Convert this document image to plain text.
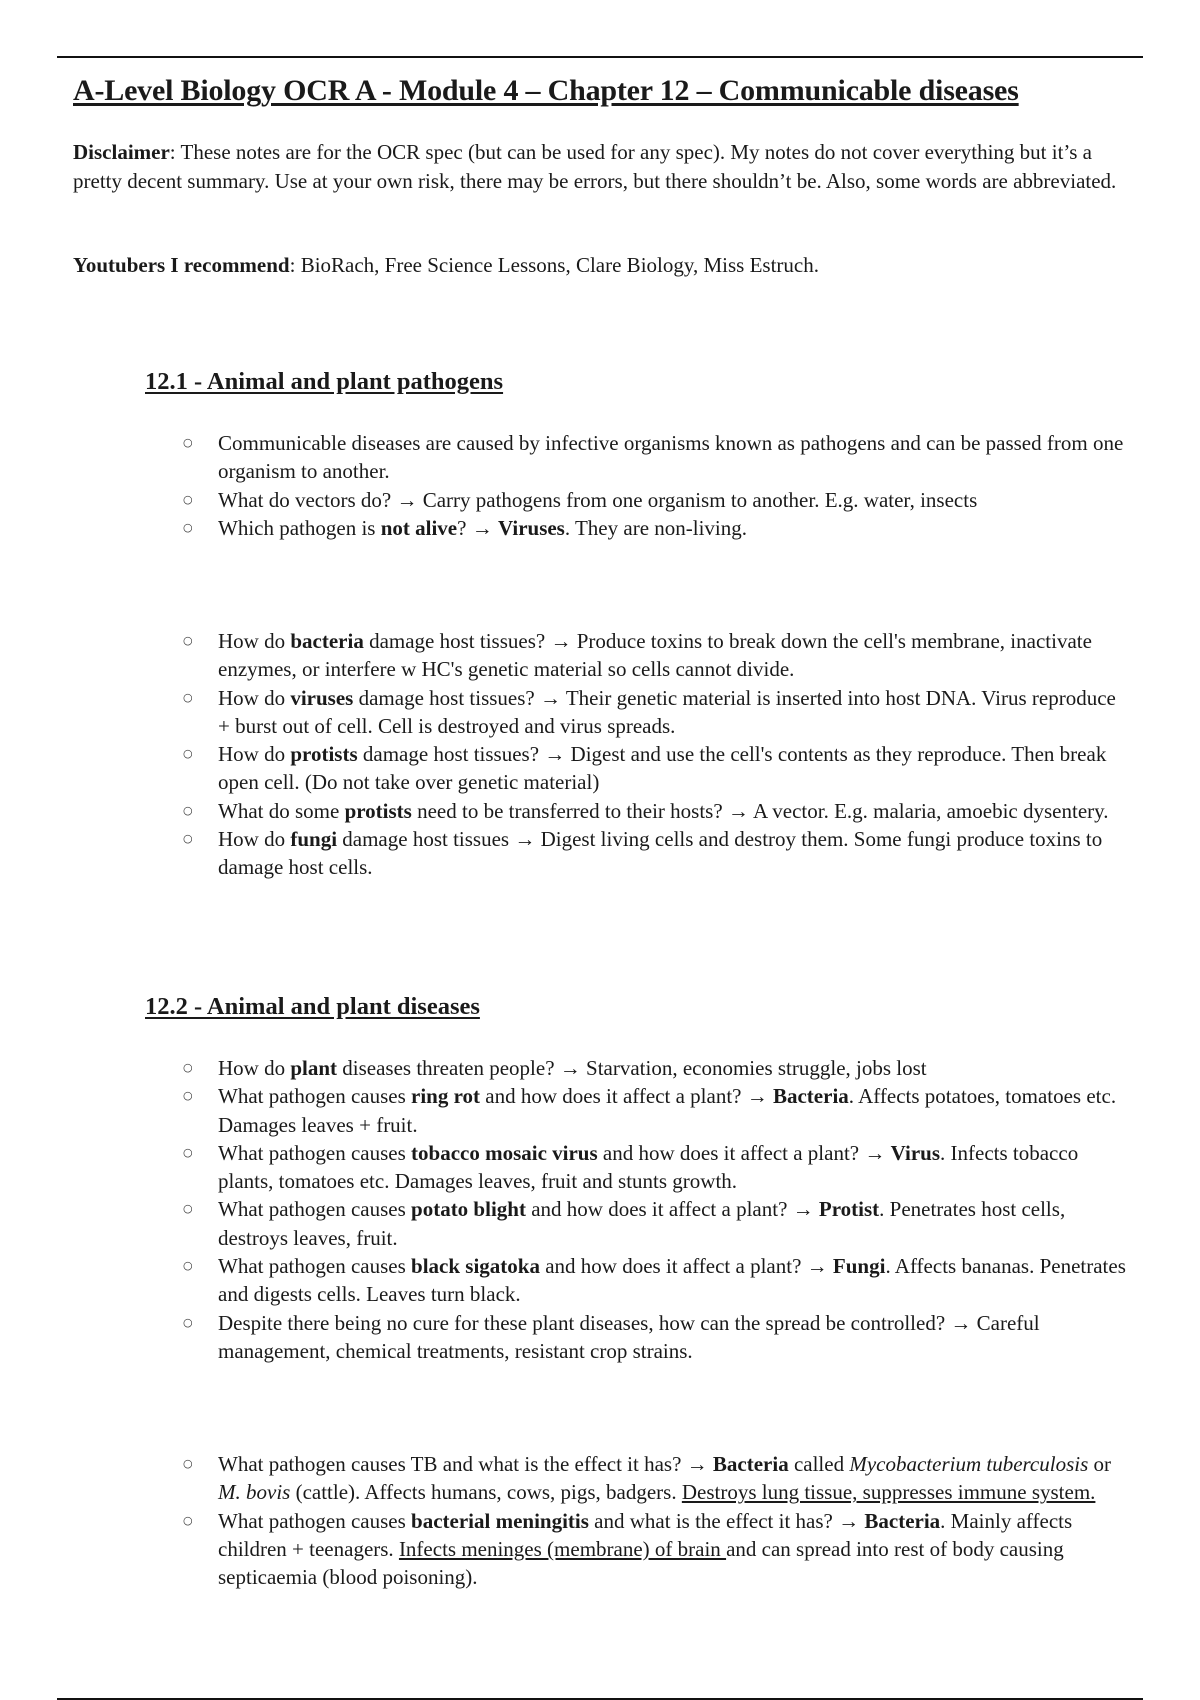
A-Level Biology OCR A - Module 4 – Chapter 12 – Communicable diseases

Disclaimer: These notes are for the OCR spec (but can be used for any spec). My notes do not cover everything but it’s a pretty decent summary. Use at your own risk, there may be errors, but there shouldn’t be. Also, some words are abbreviated.

Youtubers I recommend: BioRach, Free Science Lessons, Clare Biology, Miss Estruch.

12.1 - Animal and plant pathogens
○ Communicable diseases are caused by infective organisms known as pathogens and can be passed from one organism to another.
○ What do vectors do? → Carry pathogens from one organism to another. E.g. water, insects
○ Which pathogen is not alive? → Viruses. They are non-living.
○ How do bacteria damage host tissues? → Produce toxins to break down the cell's membrane, inactivate enzymes, or interfere w HC's genetic material so cells cannot divide.
○ How do viruses damage host tissues? → Their genetic material is inserted into host DNA. Virus reproduce + burst out of cell. Cell is destroyed and virus spreads.
○ How do protists damage host tissues? → Digest and use the cell's contents as they reproduce. Then break open cell. (Do not take over genetic material)
○ What do some protists need to be transferred to their hosts? → A vector. E.g. malaria, amoebic dysentery.
○ How do fungi damage host tissues → Digest living cells and destroy them. Some fungi produce toxins to damage host cells.
12.2 - Animal and plant diseases
○ How do plant diseases threaten people? → Starvation, economies struggle, jobs lost
○ What pathogen causes ring rot and how does it affect a plant? → Bacteria. Affects potatoes, tomatoes etc. Damages leaves + fruit.
○ What pathogen causes tobacco mosaic virus and how does it affect a plant? → Virus. Infects tobacco plants, tomatoes etc. Damages leaves, fruit and stunts growth.
○ What pathogen causes potato blight and how does it affect a plant? → Protist. Penetrates host cells, destroys leaves, fruit.
○ What pathogen causes black sigatoka and how does it affect a plant? → Fungi. Affects bananas. Penetrates and digests cells. Leaves turn black.
○ Despite there being no cure for these plant diseases, how can the spread be controlled? → Careful management, chemical treatments, resistant crop strains.
○ What pathogen causes TB and what is the effect it has? → Bacteria called Mycobacterium tuberculosis or M. bovis (cattle). Affects humans, cows, pigs, badgers. Destroys lung tissue, suppresses immune system.
○ What pathogen causes bacterial meningitis and what is the effect it has? → Bacteria. Mainly affects children + teenagers. Infects meninges (membrane) of brain and can spread into rest of body causing septicaemia (blood poisoning).
